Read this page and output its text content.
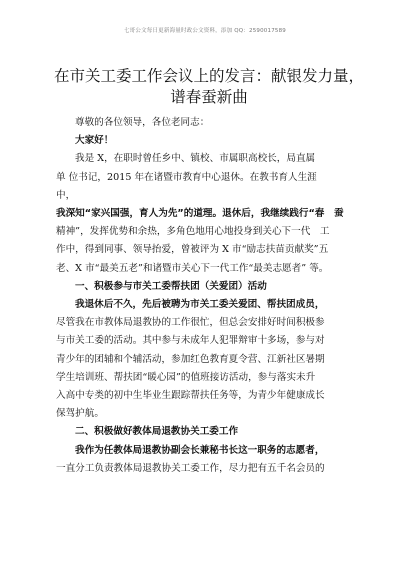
七哥公文每日更新海量时政公文资料，添加 QQ：2590017589
在市关工委工作会议上的发言：献银发力量，
谱春蚕新曲

尊敬的各位领导，各位老同志：

大家好！

我是 X，在职时曾任乡中、镇校、市属职高校长，局直属

单 位书记，2015 年在诸暨市教育中心退休。在教书育人生涯

中，

我深知“家兴国强，育人为先”的道理。退休后，我继续践行“春　蚕

精神”，发挥优势和余热，多角色地用心地投身到关心下一代　工

作中，得到同事、领导抬爱，曾被评为 X 市“励志扶苗贡献奖”五

老、X 市“最美五老”和诸暨市关心下一代工作“最美志愿者” 等。

一、积极参与市关工委帮扶团（关爱团）活动

我退休后不久，先后被聘为市关工委关爱团、帮扶团成员，

尽管我在市教体局退教协的工作很忙，但总会安排好时间积极参

与市关工委的活动。其中参与未成年人犯罪辩审十多场，参与对

青少年的团辅和个辅活动，参加红色教育夏令营、江新社区暑期

学生培训班、帮扶团“暖心园”的值班接访活动，参与落实未升

入高中专类的初中生毕业生跟踪帮扶任务等，为青少年健康成长

保驾护航。

二、积极做好教体局退教协关工委工作

我作为任教体局退教协副会长兼秘书长这一职务的志愿者，

一直分工负责教体局退教协关工委工作，尽力把有五千名会员的
